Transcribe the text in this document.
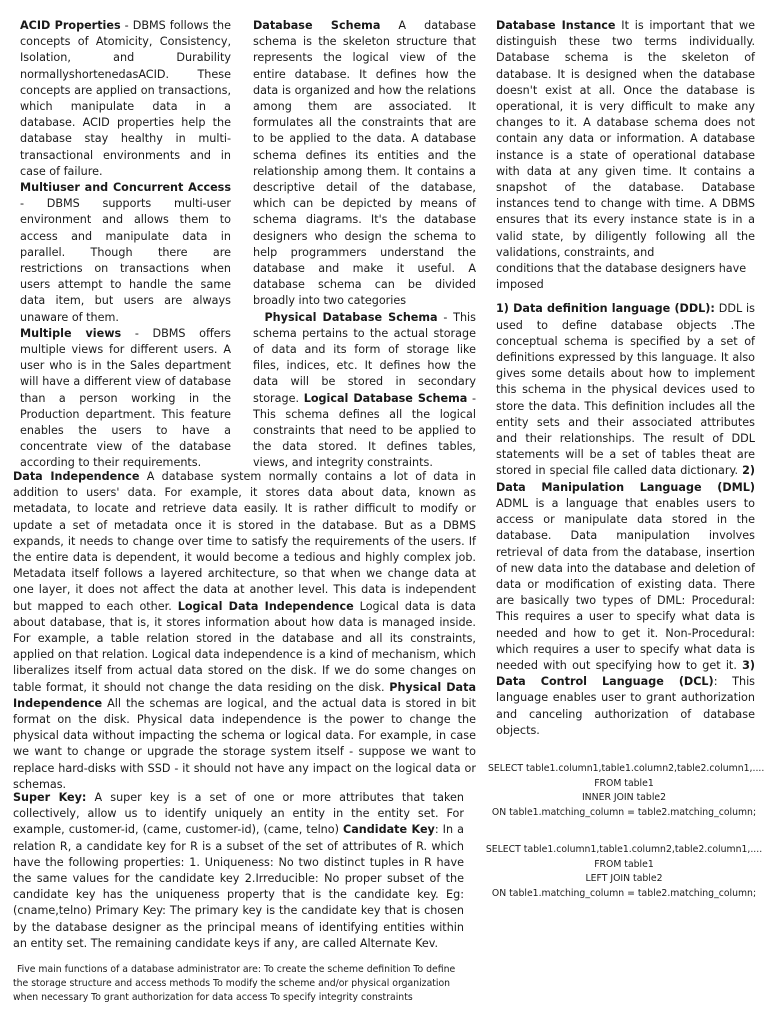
ACID Properties - DBMS follows the concepts of Atomicity, Consistency, Isolation, and Durability normallyshortenedasACID. These concepts are applied on transactions, which manipulate data in a database. ACID properties help the database stay healthy in multi-transactional environments and in case of failure.

Multiuser and Concurrent Access - DBMS supports multi-user environment and allows them to access and manipulate data in parallel. Though there are restrictions on transactions when users attempt to handle the same data item, but users are always unaware of them.

Multiple views - DBMS offers multiple views for different users. A user who is in the Sales department will have a different view of database than a person working in the Production department. This feature enables the users to have a concentrate view of the database according to their requirements.

Database Schema A database schema is the skeleton structure that represents the logical view of the entire database. It defines how the data is organized and how the relations among them are associated. It formulates all the constraints that are to be applied to the data. A database schema defines its entities and the relationship among them. It contains a descriptive detail of the database, which can be depicted by means of schema diagrams. It's the database designers who design the schema to help programmers understand the database and make it useful. A database schema can be divided broadly into two categories

Physical Database Schema - This schema pertains to the actual storage of data and its form of storage like files, indices, etc. It defines how the data will be stored in secondary storage. Logical Database Schema - This schema defines all the logical constraints that need to be applied to the data stored. It defines tables, views, and integrity constraints.

Database Instance It is important that we distinguish these two terms individually. Database schema is the skeleton of database. It is designed when the database doesn't exist at all. Once the database is operational, it is very difficult to make any changes to it. A database schema does not contain any data or information. A database instance is a state of operational database with data at any given time. It contains a snapshot of the database. Database instances tend to change with time. A DBMS ensures that its every instance state is in a valid state, by diligently following all the validations, constraints, and

conditions that the database designers have imposed

1) Data definition language (DDL): DDL is used to define database objects .The conceptual schema is specified by a set of definitions expressed by this language. It also gives some details about how to implement this schema in the physical devices used to store the data. This definition includes all the entity sets and their associated attributes and their relationships. The result of DDL statements will be a set of tables theat are stored in special file called data dictionary. 2) Data Manipulation Language (DML) ADML is a language that enables users to access or manipulate data stored in the database. Data manipulation involves retrieval of data from the database, insertion of new data into the database and deletion of data or modification of existing data. There are basically two types of DML: Procedural: This requires a user to specify what data is needed and how to get it. Non-Procedural: which requires a user to specify what data is needed with out specifying how to get it. 3) Data Control Language (DCL): This language enables user to grant authorization and canceling authorization of database objects.

Data Independence A database system normally contains a lot of data in addition to users' data. For example, it stores data about data, known as metadata, to locate and retrieve data easily. It is rather difficult to modify or update a set of metadata once it is stored in the database. But as a DBMS expands, it needs to change over time to satisfy the requirements of the users. If the entire data is dependent, it would become a tedious and highly complex job. Metadata itself follows a layered architecture, so that when we change data at one layer, it does not affect the data at another level. This data is independent but mapped to each other. Logical Data Independence Logical data is data about database, that is, it stores information about how data is managed inside. For example, a table relation stored in the database and all its constraints, applied on that relation. Logical data independence is a kind of mechanism, which liberalizes itself from actual data stored on the disk. If we do some changes on table format, it should not change the data residing on the disk. Physical Data Independence All the schemas are logical, and the actual data is stored in bit format on the disk. Physical data independence is the power to change the physical data without impacting the schema or logical data. For example, in case we want to change or upgrade the storage system itself - suppose we want to replace hard-disks with SSD - it should not have any impact on the logical data or schemas.

Super Key: A super key is a set of one or more attributes that taken collectively, allow us to identify uniquely an entity in the entity set. For example, customer-id, (came, customer-id), (came, telno) Candidate Key: In a relation R, a candidate key for R is a subset of the set of attributes of R. which have the following properties: 1. Uniqueness: No two distinct tuples in R have the same values for the candidate key 2.Irreducible: No proper subset of the candidate key has the uniqueness property that is the candidate key. Eg: (cname,telno) Primary Key: The primary key is the candidate key that is chosen by the database designer as the principal means of identifying entities within an entity set. The remaining candidate keys if any, are called Alternate Kev.

Five main functions of a database administrator are: To create the scheme definition To define the storage structure and access methods To modify the scheme and/or physical organization when necessary To grant authorization for data access To specify integrity constraints

SELECT table1.column1,table1.column2,table2.column1,....
FROM table1
INNER JOIN table2
ON table1.matching_column = table2.matching_column;
SELECT table1.column1,table1.column2,table2.column1,....
FROM table1
LEFT JOIN table2
ON table1.matching_column = table2.matching_column;
